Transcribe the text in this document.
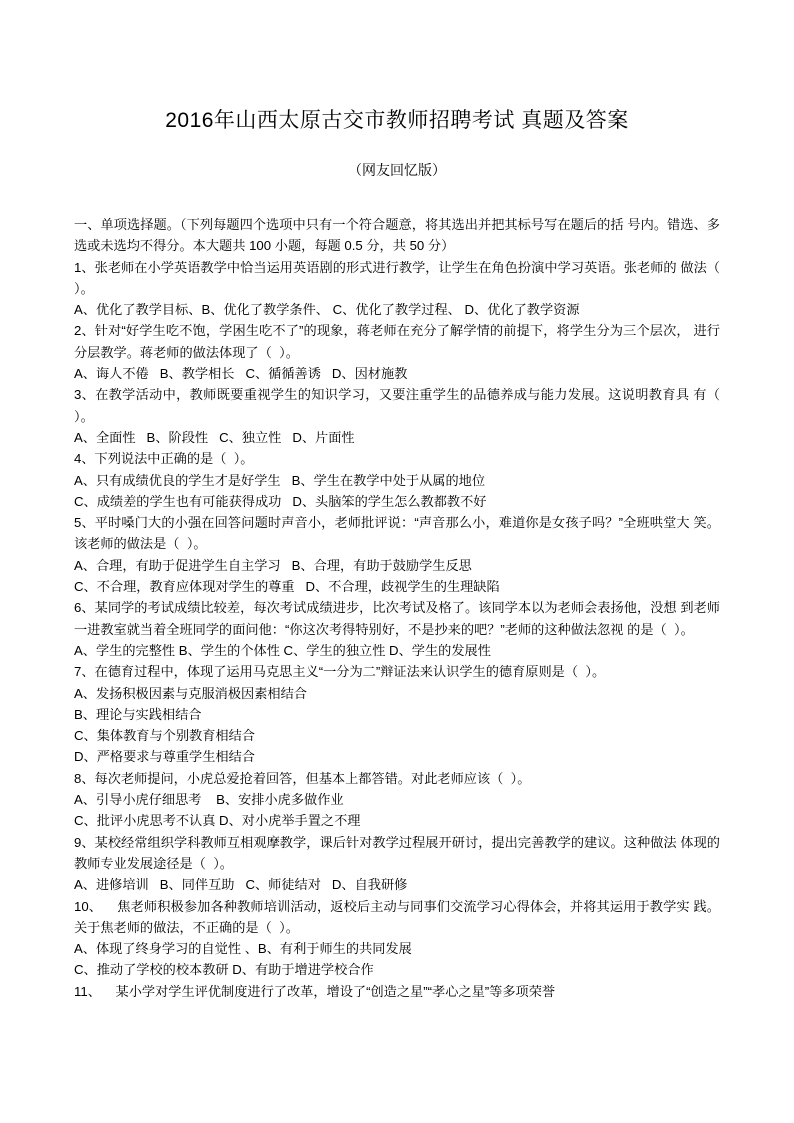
2016年山西太原古交市教师招聘考试 真题及答案
（网友回忆版）

一、单项选择题。（下列每题四个选项中只有一个符合题意，将其选出并把其标号写在题后的括 号内。错选、多选或未选均不得分。本大题共 100 小题，每题 0.5 分，共 50 分）

1、张老师在小学英语教学中恰当运用英语剧的形式进行教学，让学生在角色扮演中学习英语。张老师的 做法（  ）。

A、优化了教学目标、B、优化了教学条件、 C、优化了教学过程、 D、优化了教学资源

2、针对“好学生吃不饱，学困生吃不了”的现象，蒋老师在充分了解学情的前提下，将学生分为三个层次， 进行分层教学。蒋老师的做法体现了（  ）。

A、诲人不倦   B、教学相长   C、循循善诱   D、因材施教

3、在教学活动中，教师既要重视学生的知识学习，又要注重学生的品德养成与能力发展。这说明教育具 有（  ）。

A、全面性   B、阶段性   C、独立性   D、片面性

4、下列说法中正确的是（  ）。

A、只有成绩优良的学生才是好学生   B、学生在教学中处于从属的地位

C、成绩差的学生也有可能获得成功   D、头脑笨的学生怎么教都教不好

5、平时嗓门大的小强在回答问题时声音小，老师批评说：“声音那么小，难道你是女孩子吗？”全班哄堂大 笑。该老师的做法是（  ）。

A、合理，有助于促进学生自主学习   B、合理，有助于鼓励学生反思

C、不合理，教育应体现对学生的尊重   D、不合理，歧视学生的生理缺陷

6、某同学的考试成绩比较差，每次考试成绩进步，比次考试及格了。该同学本以为老师会表扬他，没想 到老师一进教室就当着全班同学的面问他：“你这次考得特别好，不是抄来的吧？”老师的这种做法忽视 的是（  ）。

A、学生的完整性 B、学生的个体性 C、学生的独立性 D、学生的发展性

7、在德育过程中，体现了运用马克思主义“一分为二”辩证法来认识学生的德育原则是（  ）。

A、发扬积极因素与克服消极因素相结合

B、理论与实践相结合

C、集体教育与个别教育相结合

D、严格要求与尊重学生相结合

8、每次老师提问，小虎总爱抢着回答，但基本上都答错。对此老师应该（  ）。

A、引导小虎仔细思考    B、安排小虎多做作业

C、批评小虎思考不认真 D、对小虎举手置之不理

9、某校经常组织学科教师互相观摩教学，课后针对教学过程展开研讨，提出完善教学的建议。这种做法 体现的教师专业发展途径是（  ）。

A、进修培训   B、同伴互助   C、师徒结对   D、自我研修

10、    焦老师积极参加各种教师培训活动，返校后主动与同事们交流学习心得体会，并将其运用于教学实 践。关于焦老师的做法，不正确的是（  ）。

A、体现了终身学习的自觉性 、B、有利于师生的共同发展

C、推动了学校的校本教研 D、有助于增进学校合作

11、    某小学对学生评优制度进行了改革，增设了“创造之星”“孝心之星”等多项荣誉
